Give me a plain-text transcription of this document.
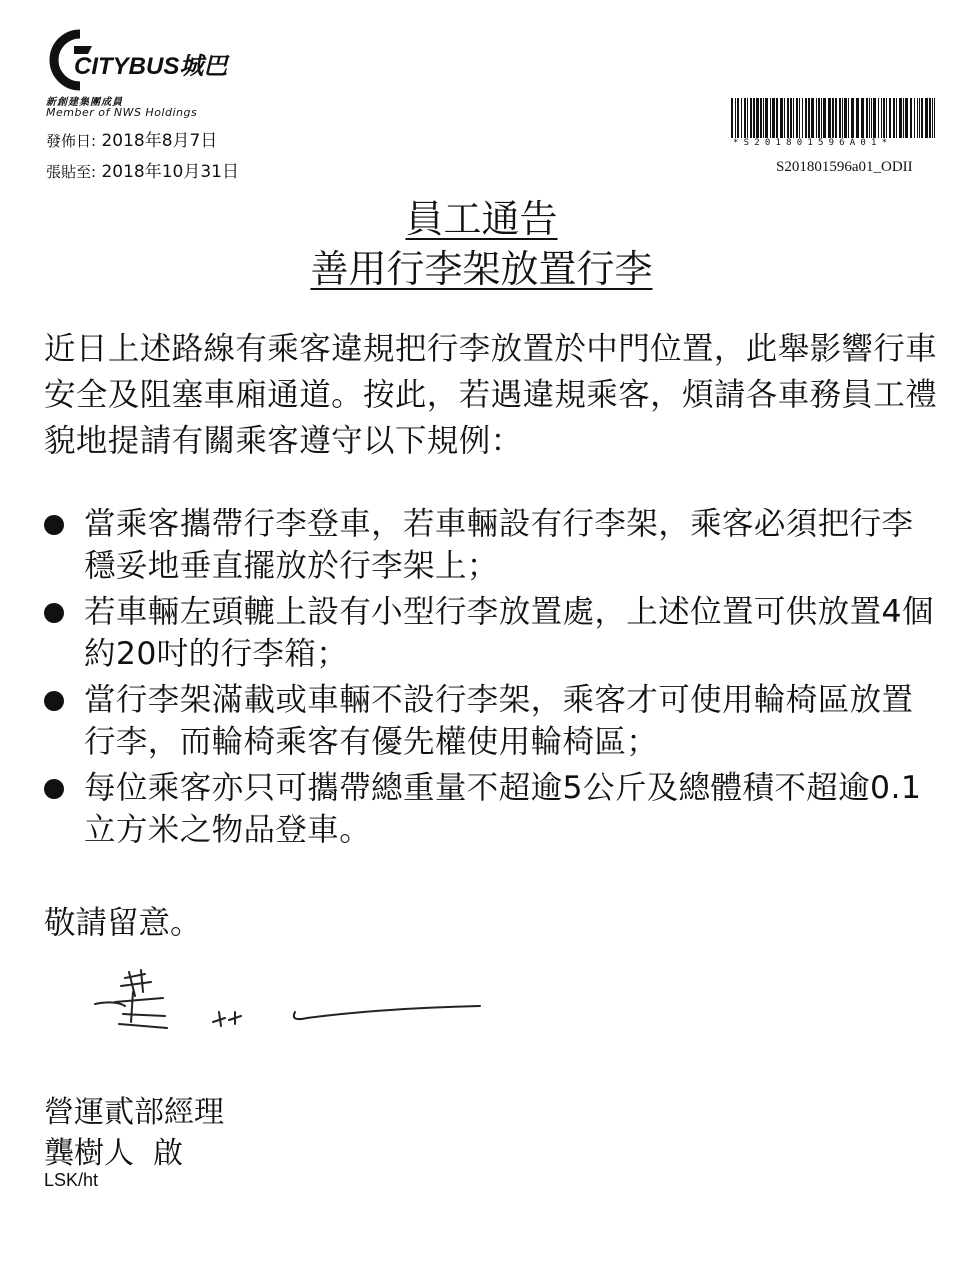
CITYBUS城巴
新創建集團成員
Member of NWS Holdings
發佈日: 2018年8月7日
張貼至: 2018年10月31日
*S201801596A01*
S201801596a01_ODII
員工通告
善用行李架放置行李
近日上述路線有乘客違規把行李放置於中門位置，此舉影響行車安全及阻塞車廂通道。按此，若遇違規乘客，煩請各車務員工禮貌地提請有關乘客遵守以下規例：
當乘客攜帶行李登車，若車輛設有行李架，乘客必須把行李穩妥地垂直擺放於行李架上；
若車輛左頭轆上設有小型行李放置處，上述位置可供放置4個約20吋的行李箱；
當行李架滿載或車輛不設行李架，乘客才可使用輪椅區放置行李，而輪椅乘客有優先權使用輪椅區；
每位乘客亦只可攜帶總重量不超逾5公斤及總體積不超逾0.1立方米之物品登車。
敬請留意。
營運貳部經理
龔樹人  啟
LSK/ht
